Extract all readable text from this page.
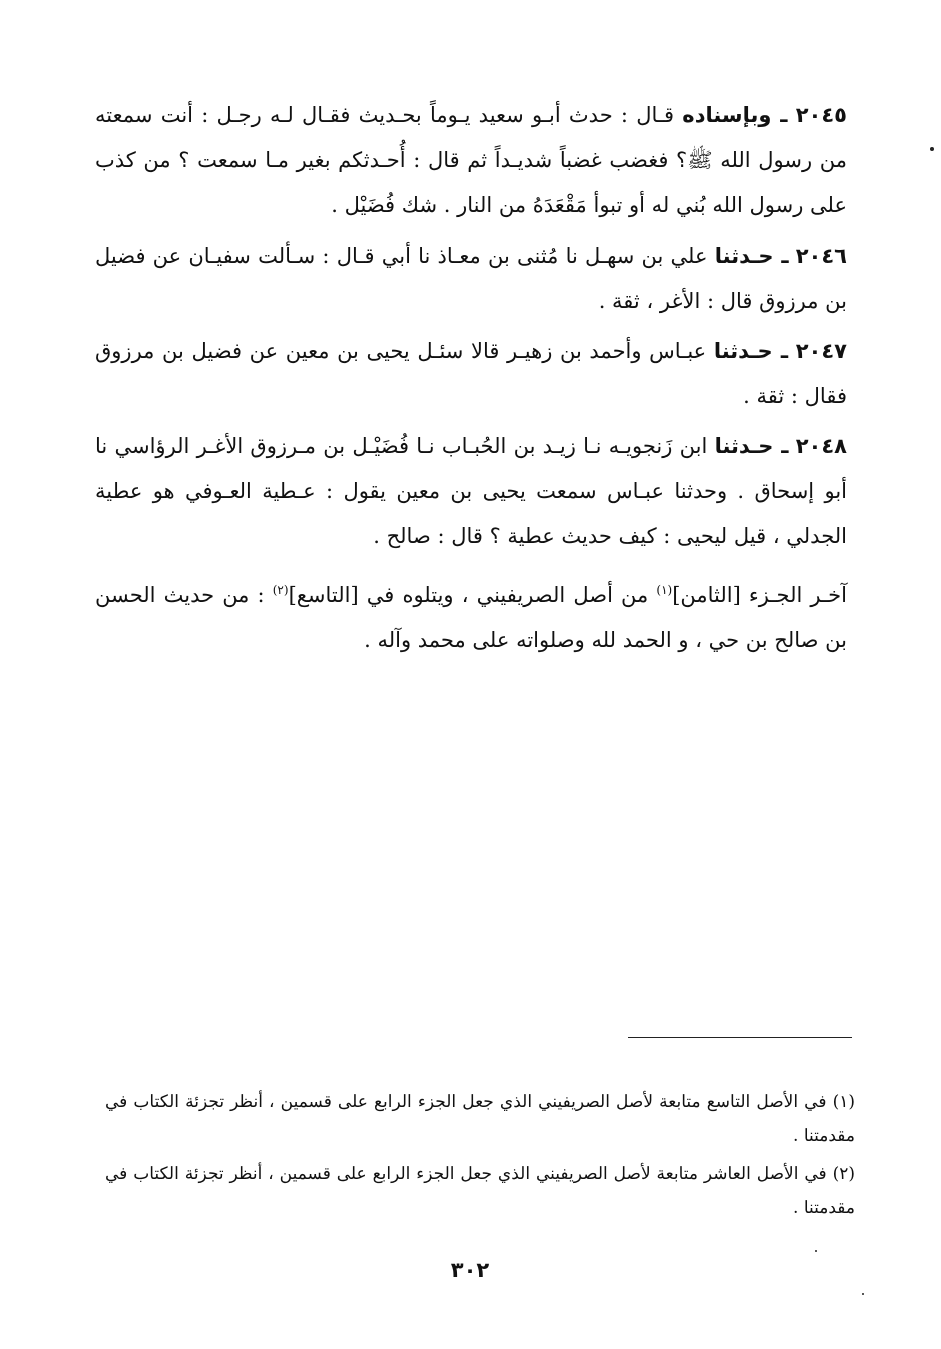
٢٠٤٥ ـ وبإسناده قـال : حدث أبـو سعيد يـوماً بحـديث فقـال لـه رجـل : أنت سمعته من رسول الله ﷺ؟ فغضب غضباً شديـداً ثم قال : أُحـدثكم بغير مـا سمعت ؟ من كذب على رسول الله بُني له أو تبوأ مَقْعَدَهُ من النار . شك فُضَيْل .
٢٠٤٦ ـ حـدثنا علي بن سهـل نا مُثنى بن معـاذ نا أبي قـال : سـألت سفيـان عن فضيل بن مرزوق قال : الأغر ، ثقة .
٢٠٤٧ ـ حـدثنا عبـاس وأحمد بن زهيـر قالا سئـل يحيى بن معين عن فضيل بن مرزوق فقال : ثقة .
٢٠٤٨ ـ حـدثنا ابن زَنجويـه نـا زيـد بن الحُبـاب نـا فُضَيْـل بن مـرزوق الأغـر الرؤاسي نا أبو إسحاق . وحدثنا عبـاس سمعت يحيى بن معين يقول : عـطية العـوفي هو عطية الجدلي ، قيل ليحيى : كيف حديث عطية ؟ قال : صالح .
آخـر الجـزء [الثامن]$^{(١)}$ من أصل الصريفيني ، ويتلوه في [التاسع]$^{(٢)}$ : من حديث الحسن بن صالح بن حي ، و الحمد لله وصلواته على محمد وآله .

(١) في الأصل التاسع متابعة لأصل الصريفيني الذي جعل الجزء الرابع على قسمين ، أنظر تجزئة الكتاب في مقدمتنا .

(٢) في الأصل العاشر متابعة لأصل الصريفيني الذي جعل الجزء الرابع على قسمين ، أنظر تجزئة الكتاب في مقدمتنا .

٣٠٢
